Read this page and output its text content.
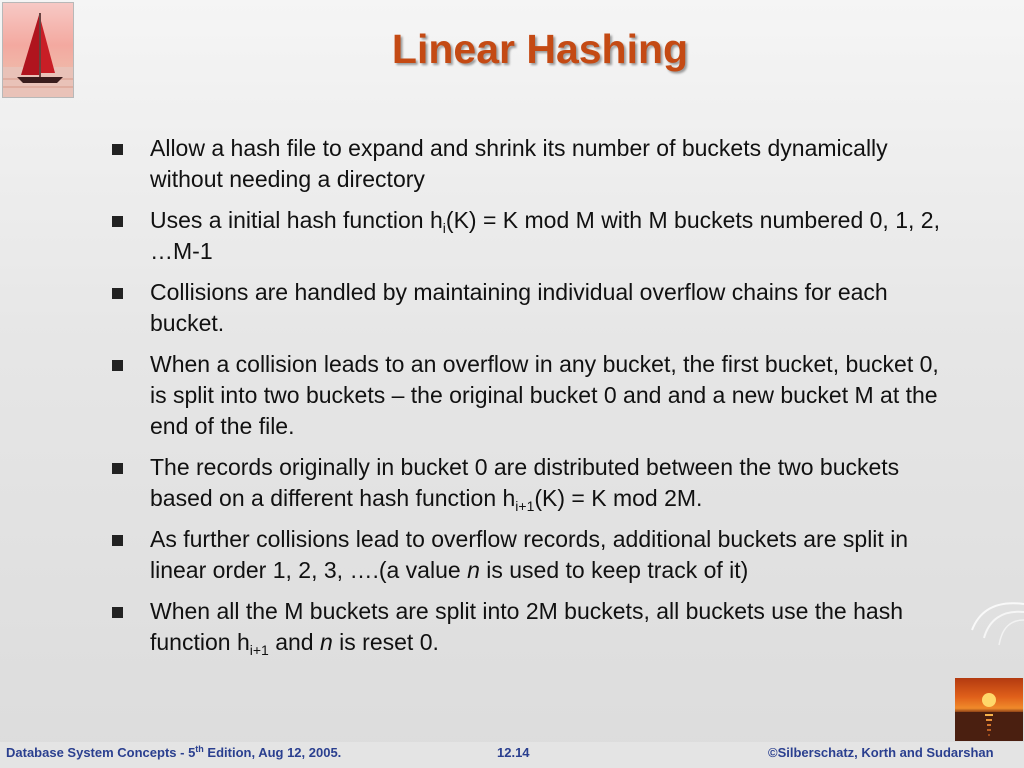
Linear Hashing
Allow a hash file to expand and shrink its number of buckets dynamically without needing a directory
Uses a initial hash function $h_i(K) = K$ mod M with M buckets numbered 0, 1, 2, …M-1
Collisions are handled by maintaining individual overflow chains for each bucket.
When a collision leads to an overflow in any bucket, the first bucket, bucket 0, is split into two buckets – the original bucket 0 and and a new bucket M at the end of the file.
The records originally in bucket 0 are distributed between the two buckets based on a different hash function $h_{i+1}(K) = K$ mod 2M.
As further collisions lead to overflow records, additional buckets are split in linear order 1, 2, 3, ….(a value n is used to keep track of it)
When all the M buckets are split into 2M buckets, all buckets use the hash function $h_{i+1}$ and n is reset 0.
Database System Concepts - 5th Edition, Aug 12, 2005.	12.14	©Silberschatz, Korth and Sudarshan
